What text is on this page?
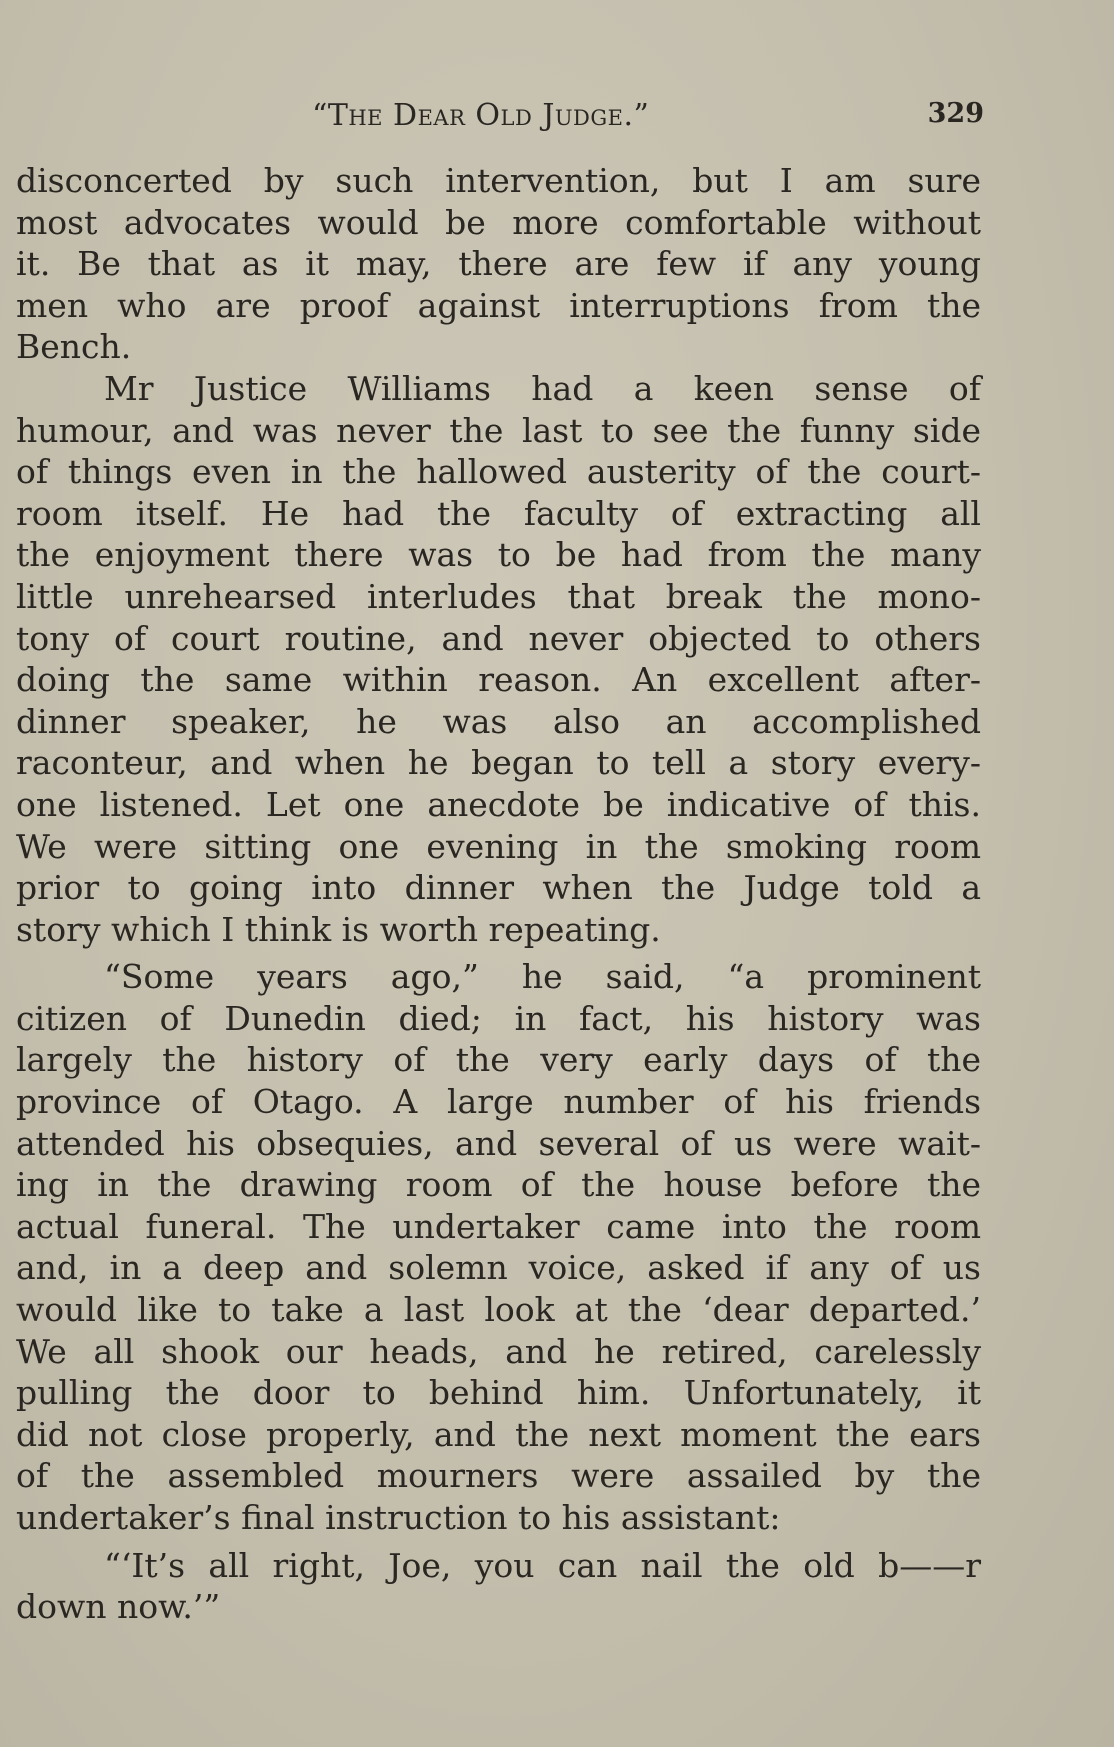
“The Dear Old Judge.”	329

disconcerted by such intervention, but I am sure

most advocates would be more comfortable without

it. Be that as it may, there are few if any young

men who are proof against interruptions from the

Bench.

Mr Justice Williams had a keen sense of

humour, and was never the last to see the funny side

of things even in the hallowed austerity of the court-

room itself. He had the faculty of extracting all

the enjoyment there was to be had from the many

little unrehearsed interludes that break the mono-

tony of court routine, and never objected to others

doing the same within reason. An excellent after-

dinner speaker, he was also an accomplished

raconteur, and when he began to tell a story every-

one listened. Let one anecdote be indicative of this.

We were sitting one evening in the smoking room

prior to going into dinner when the Judge told a

story which I think is worth repeating.

“Some years ago,” he said, “a prominent

citizen of Dunedin died; in fact, his history was

largely the history of the very early days of the

province of Otago. A large number of his friends

attended his obsequies, and several of us were wait-

ing in the drawing room of the house before the

actual funeral. The undertaker came into the room

and, in a deep and solemn voice, asked if any of us

would like to take a last look at the ‘dear departed.’

We all shook our heads, and he retired, carelessly

pulling the door to behind him. Unfortunately, it

did not close properly, and the next moment the ears

of the assembled mourners were assailed by the

undertaker’s final instruction to his assistant:

“‘It’s all right, Joe, you can nail the old b——r

down now.’”
